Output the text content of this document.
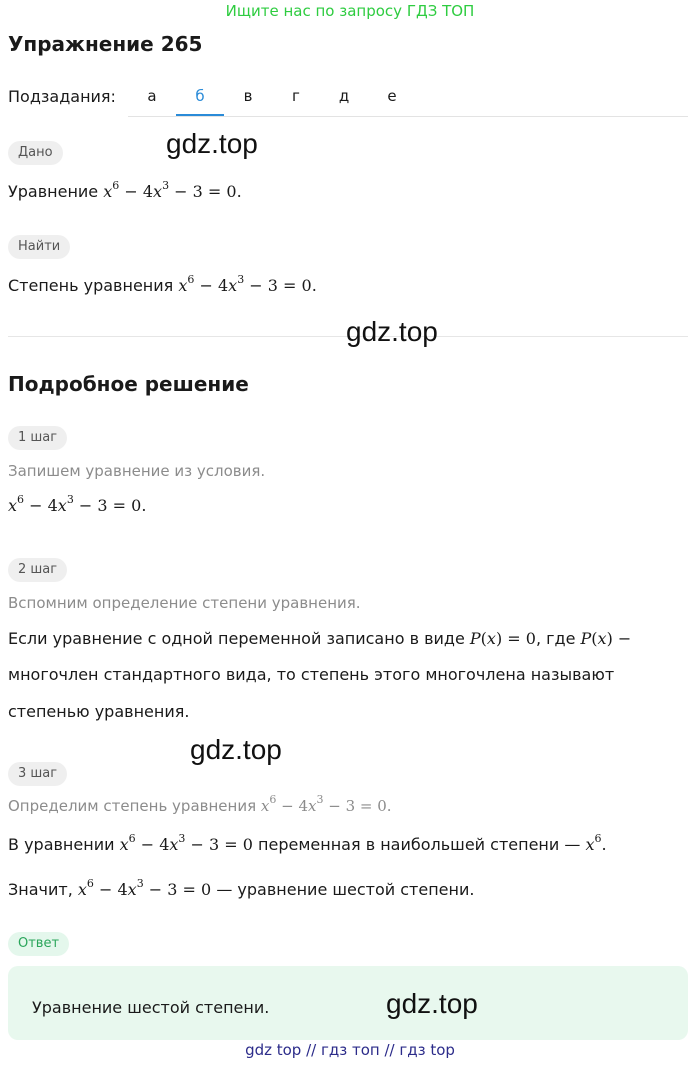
Ищите нас по запросу ГДЗ ТОП
Упражнение 265
Подзадания:	а	б	в	г	д	е
Дано	gdz.top
Уравнение $x^6 - 4x^3 - 3 = 0$.
Найти
Степень уравнения $x^6 - 4x^3 - 3 = 0$.
gdz.top
Подробное решение
1 шаг
Запишем уравнение из условия.
$x^6 - 4x^3 - 3 = 0$.
2 шаг
Вспомним определение степени уравнения.
Если уравнение с одной переменной записано в виде P(x) = 0, где P(x) −
многочлен стандартного вида, то степень этого многочлена называют
степенью уравнения.
gdz.top
3 шаг
Определим степень уравнения $x^6 - 4x^3 - 3 = 0$.
В уравнении $x^6 - 4x^3 - 3 = 0$ переменная в наибольшей степени — $x^6$.
Значит, $x^6 - 4x^3 - 3 = 0$ — уравнение шестой степени.
Ответ
Уравнение шестой степени.	gdz.top
gdz top // гдз топ // гдз top
